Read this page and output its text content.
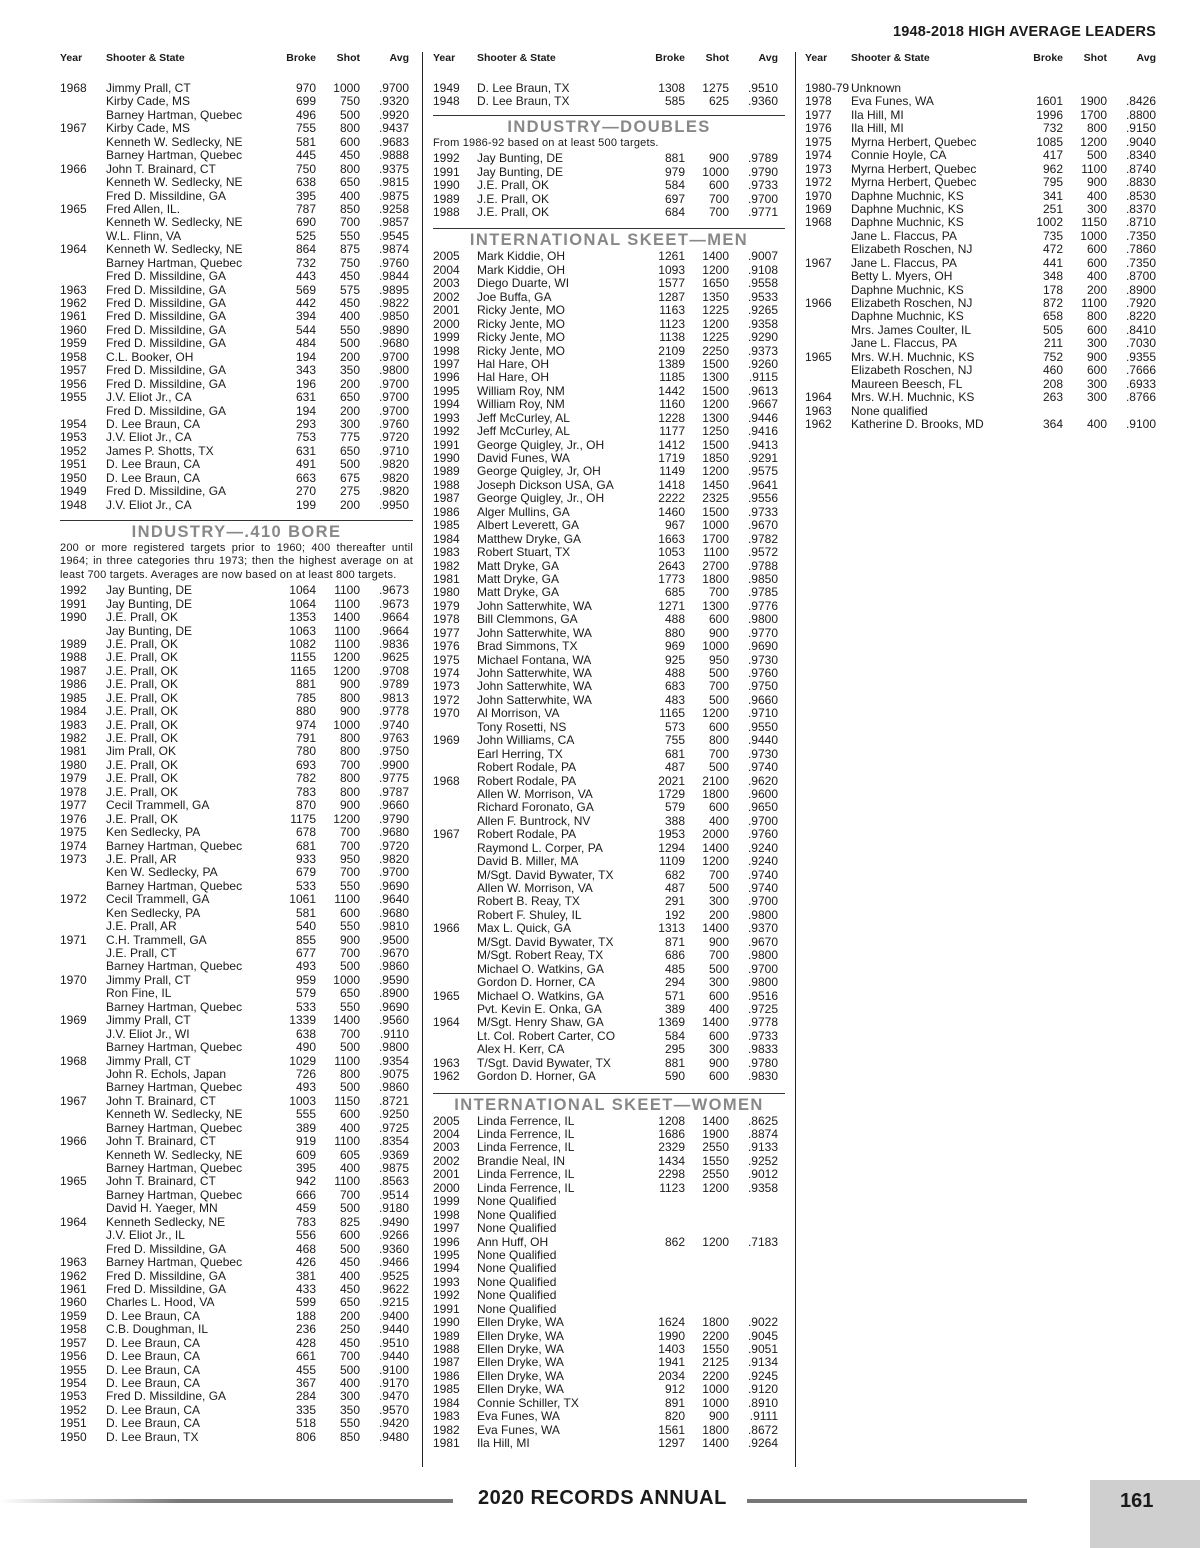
1948-2018 HIGH AVERAGE LEADERS
Year	Shooter & State	Broke	Shot	Avg
1968	Jimmy Prall, CT	970	1000	.9700
Kirby Cade, MS	699	750	.9320
Barney Hartman, Quebec	496	500	.9920
1967	Kirby Cade, MS	755	800	.9437
Kenneth W. Sedlecky, NE	581	600	.9683
Barney Hartman, Quebec	445	450	.9888
1966	John T. Brainard, CT	750	800	.9375
Kenneth W. Sedlecky, NE	638	650	.9815
Fred D. Missildine, GA	395	400	.9875
1965	Fred Allen, IL.	787	850	.9258
Kenneth W. Sedlecky, NE	690	700	.9857
W.L. Flinn, VA	525	550	.9545
1964	Kenneth W. Sedlecky, NE	864	875	.9874
Barney Hartman, Quebec	732	750	.9760
Fred D. Missildine, GA	443	450	.9844
1963	Fred D. Missildine, GA	569	575	.9895
1962	Fred D. Missildine, GA	442	450	.9822
1961	Fred D. Missildine, GA	394	400	.9850
1960	Fred D. Missildine, GA	544	550	.9890
1959	Fred D. Missildine, GA	484	500	.9680
1958	C.L. Booker, OH	194	200	.9700
1957	Fred D. Missildine, GA	343	350	.9800
1956	Fred D. Missildine, GA	196	200	.9700
1955	J.V. Eliot Jr., CA	631	650	.9700
Fred D. Missildine, GA	194	200	.9700
1954	D. Lee Braun, CA	293	300	.9760
1953	J.V. Eliot Jr., CA	753	775	.9720
1952	James P. Shotts, TX	631	650	.9710
1951	D. Lee Braun, CA	491	500	.9820
1950	D. Lee Braun, CA	663	675	.9820
1949	Fred D. Missildine, GA	270	275	.9820
1948	J.V. Eliot Jr., CA	199	200	.9950
INDUSTRY—.410 BORE
200 or more registered targets prior to 1960; 400 thereafter until 1964; in three categories thru 1973; then the highest average on at least 700 targets. Averages are now based on at least 800 targets.
1992	Jay Bunting, DE	1064	1100	.9673
1991	Jay Bunting, DE	1064	1100	.9673
1990	J.E. Prall, OK	1353	1400	.9664
Jay Bunting, DE	1063	1100	.9664
1989	J.E. Prall, OK	1082	1100	.9836
1988	J.E. Prall, OK	1155	1200	.9625
1987	J.E. Prall, OK	1165	1200	.9708
1986	J.E. Prall, OK	881	900	.9789
1985	J.E. Prall, OK	785	800	.9813
1984	J.E. Prall, OK	880	900	.9778
1983	J.E. Prall, OK	974	1000	.9740
1982	J.E. Prall, OK	791	800	.9763
1981	Jim Prall, OK	780	800	.9750
1980	J.E. Prall, OK	693	700	.9900
1979	J.E. Prall, OK	782	800	.9775
1978	J.E. Prall, OK	783	800	.9787
1977	Cecil Trammell, GA	870	900	.9660
1976	J.E. Prall, OK	1175	1200	.9790
1975	Ken Sedlecky, PA	678	700	.9680
1974	Barney Hartman, Quebec	681	700	.9720
1973	J.E. Prall, AR	933	950	.9820
Ken W. Sedlecky, PA	679	700	.9700
Barney Hartman, Quebec	533	550	.9690
1972	Cecil Trammell, GA	1061	1100	.9640
Ken Sedlecky, PA	581	600	.9680
J.E. Prall, AR	540	550	.9810
1971	C.H. Trammell, GA	855	900	.9500
J.E. Prall, CT	677	700	.9670
Barney Hartman, Quebec	493	500	.9860
1970	Jimmy Prall, CT	959	1000	.9590
Ron Fine, IL	579	650	.8900
Barney Hartman, Quebec	533	550	.9690
1969	Jimmy Prall, CT	1339	1400	.9560
J.V. Eliot Jr., WI	638	700	.9110
Barney Hartman, Quebec	490	500	.9800
1968	Jimmy Prall, CT	1029	1100	.9354
John R. Echols, Japan	726	800	.9075
Barney Hartman, Quebec	493	500	.9860
1967	John T. Brainard, CT	1003	1150	.8721
Kenneth W. Sedlecky, NE	555	600	.9250
Barney Hartman, Quebec	389	400	.9725
1966	John T. Brainard, CT	919	1100	.8354
Kenneth W. Sedlecky, NE	609	605	.9369
Barney Hartman, Quebec	395	400	.9875
1965	John T. Brainard, CT	942	1100	.8563
Barney Hartman, Quebec	666	700	.9514
David H. Yaeger, MN	459	500	.9180
1964	Kenneth Sedlecky, NE	783	825	.9490
J.V. Eliot Jr., IL	556	600	.9266
Fred D. Missildine, GA	468	500	.9360
1963	Barney Hartman, Quebec	426	450	.9466
1962	Fred D. Missildine, GA	381	400	.9525
1961	Fred D. Missildine, GA	433	450	.9622
1960	Charles L. Hood, VA	599	650	.9215
1959	D. Lee Braun, CA	188	200	.9400
1958	C.B. Doughman, IL	236	250	.9440
1957	D. Lee Braun, CA	428	450	.9510
1956	D. Lee Braun, CA	661	700	.9440
1955	D. Lee Braun, CA	455	500	.9100
1954	D. Lee Braun, CA	367	400	.9170
1953	Fred D. Missildine, GA	284	300	.9470
1952	D. Lee Braun, CA	335	350	.9570
1951	D. Lee Braun, CA	518	550	.9420
1950	D. Lee Braun, TX	806	850	.9480
Year	Shooter & State	Broke	Shot	Avg
1949	D. Lee Braun, TX	1308	1275	.9510
1948	D. Lee Braun, TX	585	625	.9360
INDUSTRY—DOUBLES
From 1986-92 based on at least 500 targets.
1992	Jay Bunting, DE	881	900	.9789
1991	Jay Bunting, DE	979	1000	.9790
1990	J.E. Prall, OK	584	600	.9733
1989	J.E. Prall, OK	697	700	.9700
1988	J.E. Prall, OK	684	700	.9771
INTERNATIONAL SKEET—MEN
2005	Mark Kiddie, OH	1261	1400	.9007
2004	Mark Kiddie, OH	1093	1200	.9108
2003	Diego Duarte, WI	1577	1650	.9558
2002	Joe Buffa, GA	1287	1350	.9533
2001	Ricky Jente, MO	1163	1225	.9265
2000	Ricky Jente, MO	1123	1200	.9358
1999	Ricky Jente, MO	1138	1225	.9290
1998	Ricky Jente, MO	2109	2250	.9373
1997	Hal Hare, OH	1389	1500	.9260
1996	Hal Hare, OH	1185	1300	.9115
1995	William Roy, NM	1442	1500	.9613
1994	William Roy, NM	1160	1200	.9667
1993	Jeff McCurley, AL	1228	1300	.9446
1992	Jeff McCurley, AL	1177	1250	.9416
1991	George Quigley, Jr., OH	1412	1500	.9413
1990	David Funes, WA	1719	1850	.9291
1989	George Quigley, Jr, OH	1149	1200	.9575
1988	Joseph Dickson USA, GA	1418	1450	.9641
1987	George Quigley, Jr., OH	2222	2325	.9556
1986	Alger Mullins, GA	1460	1500	.9733
1985	Albert Leverett, GA	967	1000	.9670
1984	Matthew Dryke, GA	1663	1700	.9782
1983	Robert Stuart, TX	1053	1100	.9572
1982	Matt Dryke, GA	2643	2700	.9788
1981	Matt Dryke, GA	1773	1800	.9850
1980	Matt Dryke, GA	685	700	.9785
1979	John Satterwhite, WA	1271	1300	.9776
1978	Bill Clemmons, GA	488	600	.9800
1977	John Satterwhite, WA	880	900	.9770
1976	Brad Simmons, TX	969	1000	.9690
1975	Michael Fontana, WA	925	950	.9730
1974	John Satterwhite, WA	488	500	.9760
1973	John Satterwhite, WA	683	700	.9750
1972	John Satterwhite, WA	483	500	.9660
1970	Al Morrison, VA	1165	1200	.9710
Tony Rosetti, NS	573	600	.9550
1969	John Williams, CA	755	800	.9440
Earl Herring, TX	681	700	.9730
Robert Rodale, PA	487	500	.9740
1968	Robert Rodale, PA	2021	2100	.9620
Allen W. Morrison, VA	1729	1800	.9600
Richard Foronato, GA	579	600	.9650
Allen F. Buntrock, NV	388	400	.9700
1967	Robert Rodale, PA	1953	2000	.9760
Raymond L. Corper, PA	1294	1400	.9240
David B. Miller, MA	1109	1200	.9240
M/Sgt. David Bywater, TX	682	700	.9740
Allen W. Morrison, VA	487	500	.9740
Robert B. Reay, TX	291	300	.9700
Robert F. Shuley, IL	192	200	.9800
1966	Max L. Quick, GA	1313	1400	.9370
M/Sgt. David Bywater, TX	871	900	.9670
M/Sgt. Robert Reay, TX	686	700	.9800
Michael O. Watkins, GA	485	500	.9700
Gordon D. Horner, CA	294	300	.9800
1965	Michael O. Watkins, GA	571	600	.9516
Pvt. Kevin E. Onka, GA	389	400	.9725
1964	M/Sgt. Henry Shaw, GA	1369	1400	.9778
Lt. Col. Robert Carter, CO	584	600	.9733
Alex H. Kerr, CA	295	300	.9833
1963	T/Sgt. David Bywater, TX	881	900	.9780
1962	Gordon D. Horner, GA	590	600	.9830
INTERNATIONAL SKEET—WOMEN
2005	Linda Ferrence, IL	1208	1400	.8625
2004	Linda Ferrence, IL	1686	1900	.8874
2003	Linda Ferrence, IL	2329	2550	.9133
2002	Brandie Neal, IN	1434	1550	.9252
2001	Linda Ferrence, IL	2298	2550	.9012
2000	Linda Ferrence, IL	1123	1200	.9358
1999	None Qualified
1998	None Qualified
1997	None Qualified
1996	Ann Huff, OH	862	1200	.7183
1995	None Qualified
1994	None Qualified
1993	None Qualified
1992	None Qualified
1991	None Qualified
1990	Ellen Dryke, WA	1624	1800	.9022
1989	Ellen Dryke, WA	1990	2200	.9045
1988	Ellen Dryke, WA	1403	1550	.9051
1987	Ellen Dryke, WA	1941	2125	.9134
1986	Ellen Dryke, WA	2034	2200	.9245
1985	Ellen Dryke, WA	912	1000	.9120
1984	Connie Schiller, TX	891	1000	.8910
1983	Eva Funes, WA	820	900	.9111
1982	Eva Funes, WA	1561	1800	.8672
1981	Ila Hill, MI	1297	1400	.9264
Year	Shooter & State	Broke	Shot	Avg
1980-79 Unknown
1978	Eva Funes, WA	1601	1900	.8426
1977	Ila Hill, MI	1996	1700	.8800
1976	Ila Hill, MI	732	800	.9150
1975	Myrna Herbert, Quebec	1085	1200	.9040
1974	Connie Hoyle, CA	417	500	.8340
1973	Myrna Herbert, Quebec	962	1100	.8740
1972	Myrna Herbert, Quebec	795	900	.8830
1970	Daphne Muchnic, KS	341	400	.8530
1969	Daphne Muchnic, KS	251	300	.8370
1968	Daphne Muchnic, KS	1002	1150	.8710
Jane L. Flaccus, PA	735	1000	.7350
Elizabeth Roschen, NJ	472	600	.7860
1967	Jane L. Flaccus, PA	441	600	.7350
Betty L. Myers, OH	348	400	.8700
Daphne Muchnic, KS	178	200	.8900
1966	Elizabeth Roschen, NJ	872	1100	.7920
Daphne Muchnic, KS	658	800	.8220
Mrs. James Coulter, IL	505	600	.8410
Jane L. Flaccus, PA	211	300	.7030
1965	Mrs. W.H. Muchnic, KS	752	900	.9355
Elizabeth Roschen, NJ	460	600	.7666
Maureen Beesch, FL	208	300	.6933
1964	Mrs. W.H. Muchnic, KS	263	300	.8766
1963	None qualified
1962	Katherine D. Brooks, MD	364	400	.9100
2020 RECORDS ANNUAL	161
